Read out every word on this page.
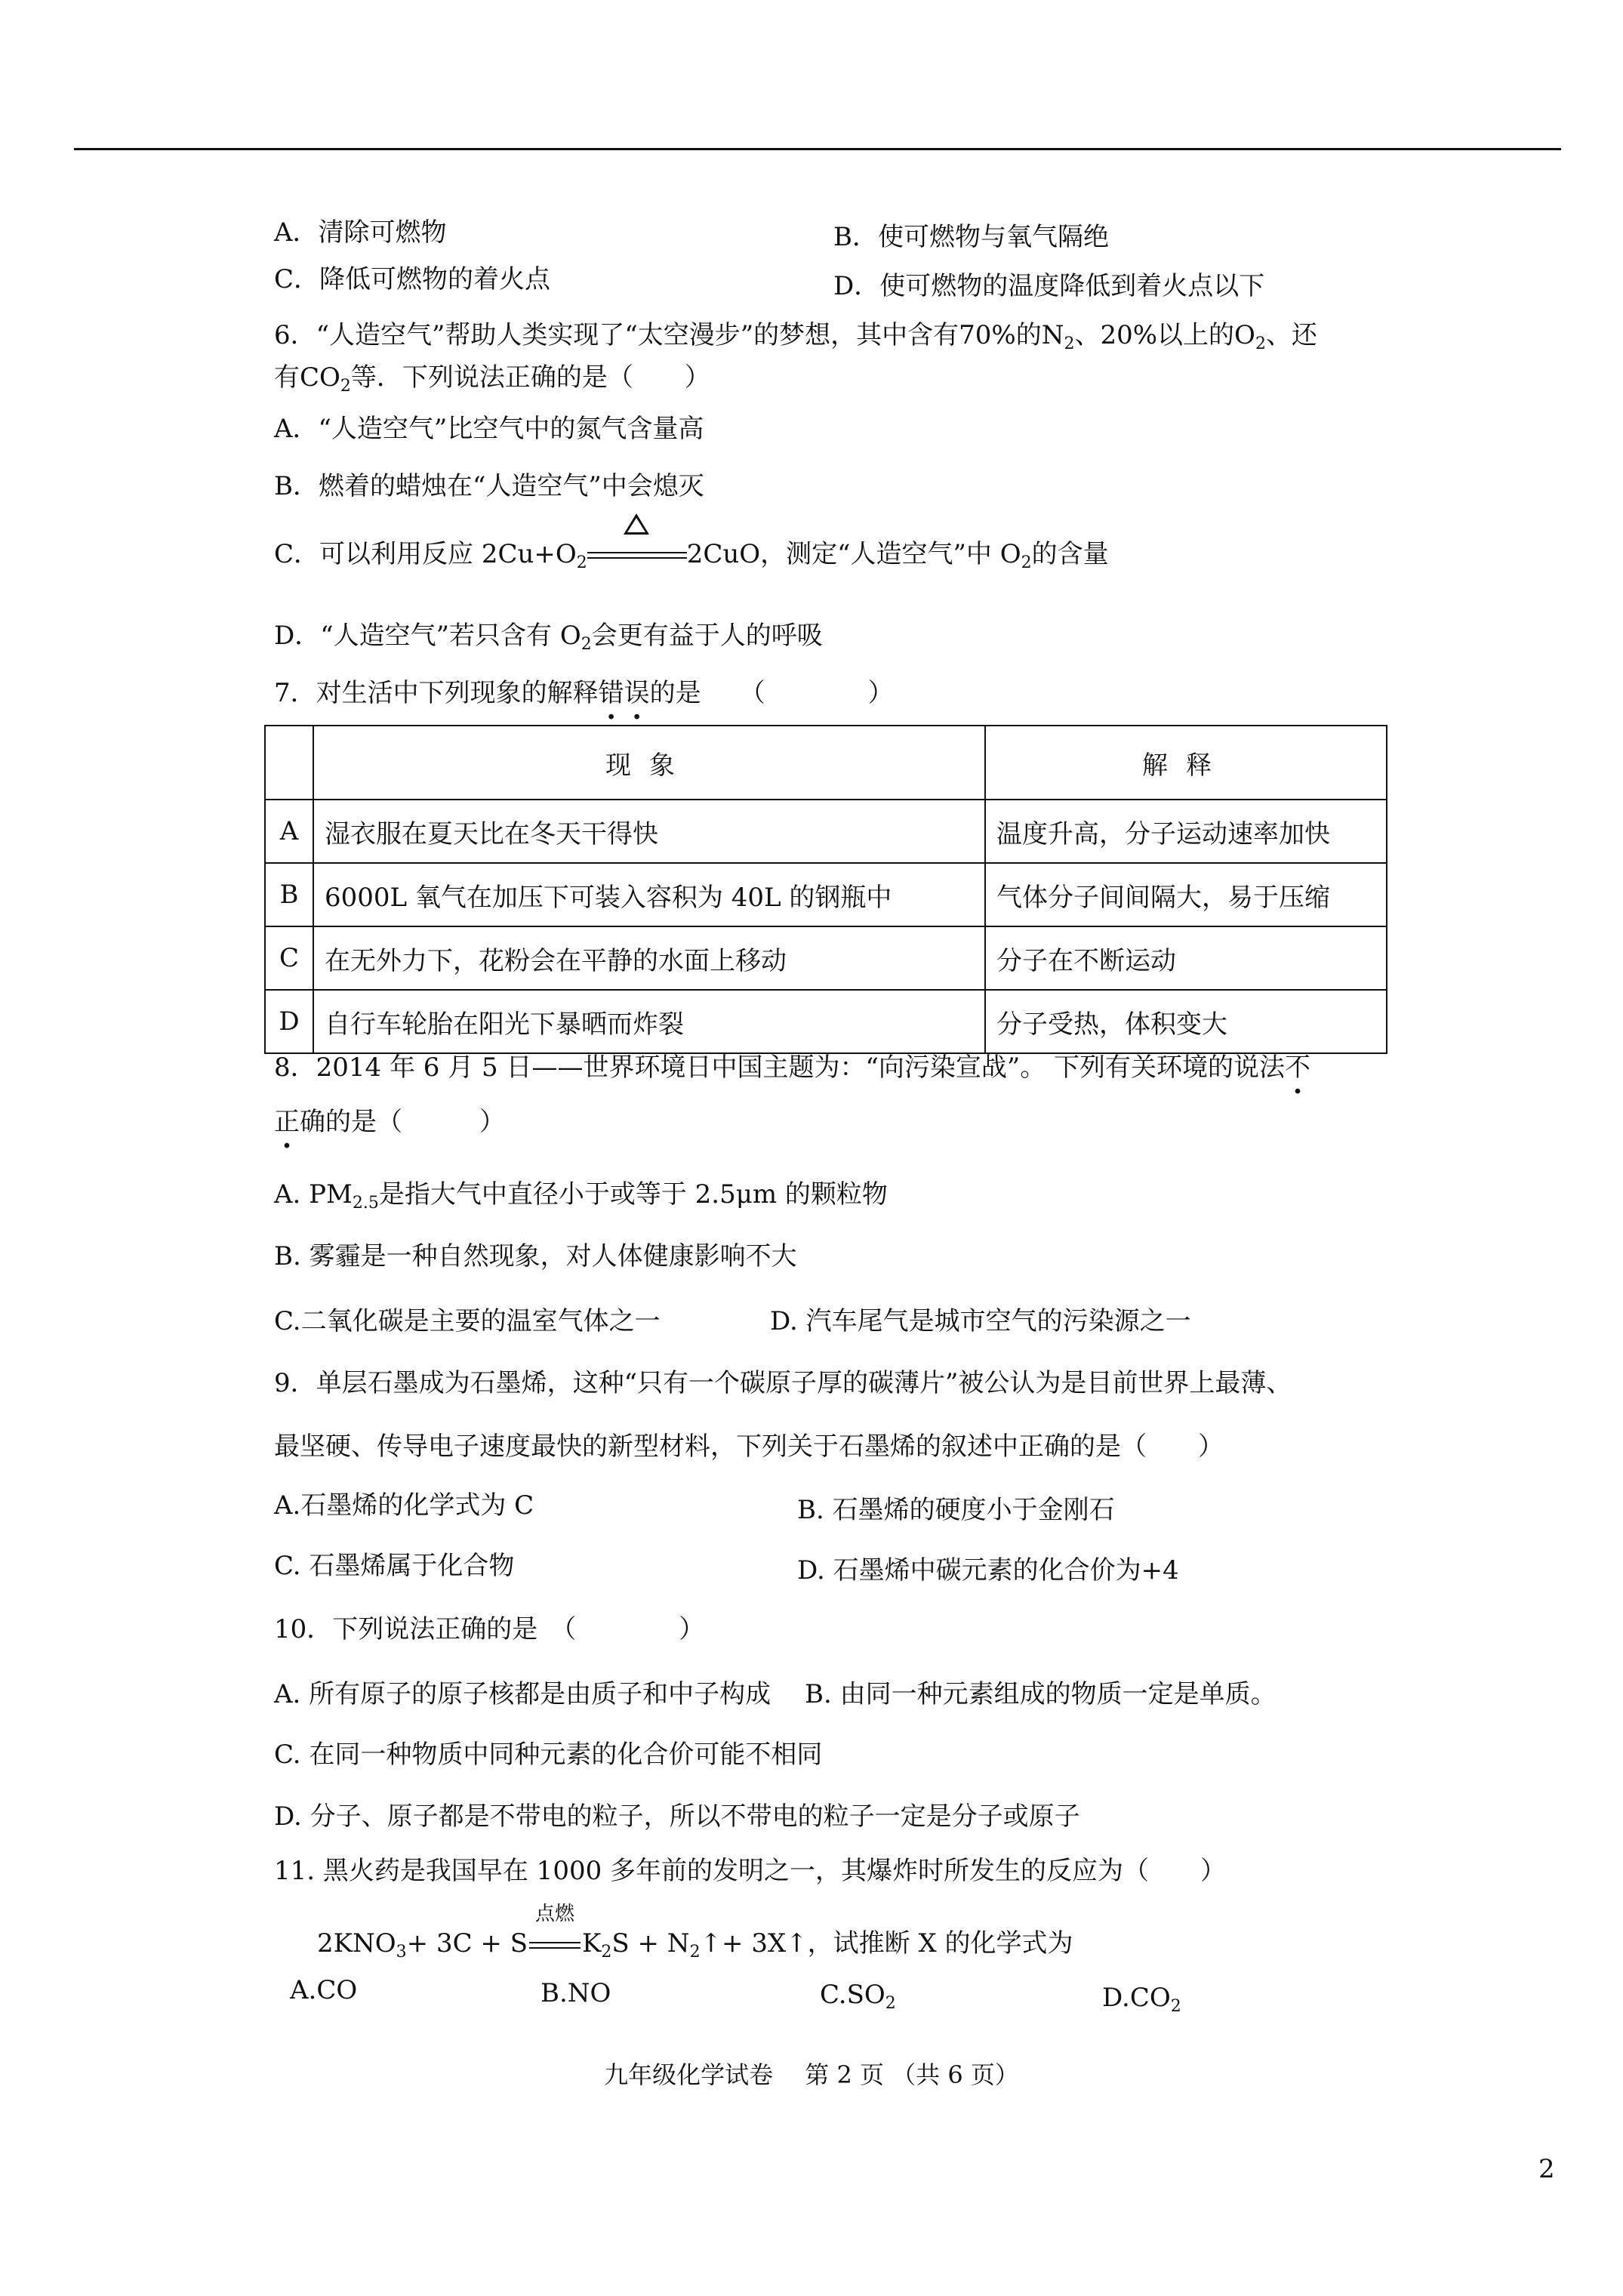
A．清除可燃物	B．使可燃物与氧气隔绝
C．降低可燃物的着火点	D．使可燃物的温度降低到着火点以下
6．“人造空气”帮助人类实现了“太空漫步”的梦想，其中含有70%的$N_2$、20%以上的$O_2$、还
有$CO_2$等．下列说法正确的是（　　）
A．“人造空气”比空气中的氮气含量高
B．燃着的蜡烛在“人造空气”中会熄灭
C．可以利用反应 $2Cu+O_2$	2CuO，测定“人造空气”中 $O_2$的含量
D．“人造空气”若只含有 $O_2$会更有益于人的呼吸
7．对生活中下列现象的解释错误的是　　（　　　　）
	现象	解释
A	湿衣服在夏天比在冬天干得快	温度升高，分子运动速率加快
B	6000L 氧气在加压下可装入容积为 40L 的钢瓶中	气体分子间间隔大，易于压缩
C	在无外力下，花粉会在平静的水面上移动	分子在不断运动
D	自行车轮胎在阳光下暴晒而炸裂	分子受热，体积变大
8．2014 年 6 月 5 日——世界环境日中国主题为：“向污染宣战”。 下列有关环境的说法不
正确的是（　　　）
A. $PM_{2.5}$是指大气中直径小于或等于 2.5μm 的颗粒物
B. 雾霾是一种自然现象，对人体健康影响不大
C.二氧化碳是主要的温室气体之一	D. 汽车尾气是城市空气的污染源之一
9．单层石墨成为石墨烯，这种“只有一个碳原子厚的碳薄片”被公认为是目前世界上最薄、
最坚硬、传导电子速度最快的新型材料，下列关于石墨烯的叙述中正确的是（　　）
A.石墨烯的化学式为 C	B. 石墨烯的硬度小于金刚石
C. 石墨烯属于化合物	D. 石墨烯中碳元素的化合价为+4
10．下列说法正确的是　（　　　　）
A. 所有原子的原子核都是由质子和中子构成　 B. 由同一种元素组成的物质一定是单质。
C. 在同一种物质中同种元素的化合价可能不相同
D. 分子、原子都是不带电的粒子，所以不带电的粒子一定是分子或原子
11. 黑火药是我国早在 1000 多年前的发明之一，其爆炸时所发生的反应为（　　）
$2KNO_3+ 3C + S$
点燃
$K_2S$ + $N_2↑+$ 3X↑，试推断 X 的化学式为
A.CO	B.NO	$C.SO_2$	$D.CO_2$
九年级化学试卷　 第 2 页 （共 6 页）
2
